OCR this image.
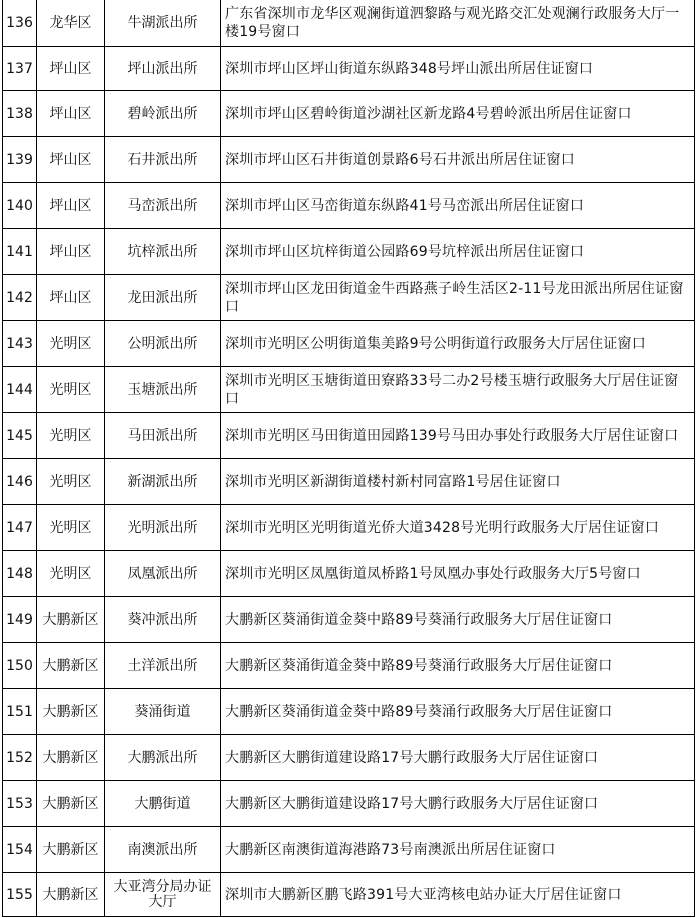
136	龙华区	牛湖派出所	广东省深圳市龙华区观澜街道泗黎路与观光路交汇处观澜行政服务大厅一楼19号窗口
137	坪山区	坪山派出所	深圳市坪山区坪山街道东纵路348号坪山派出所居住证窗口
138	坪山区	碧岭派出所	深圳市坪山区碧岭街道沙湖社区新龙路4号碧岭派出所居住证窗口
139	坪山区	石井派出所	深圳市坪山区石井街道创景路6号石井派出所居住证窗口
140	坪山区	马峦派出所	深圳市坪山区马峦街道东纵路41号马峦派出所居住证窗口
141	坪山区	坑梓派出所	深圳市坪山区坑梓街道公园路69号坑梓派出所居住证窗口
142	坪山区	龙田派出所	深圳市坪山区龙田街道金牛西路燕子岭生活区2-11号龙田派出所居住证窗口
143	光明区	公明派出所	深圳市光明区公明街道集美路9号公明街道行政服务大厅居住证窗口
144	光明区	玉塘派出所	深圳市光明区玉塘街道田寮路33号二办2号楼玉塘行政服务大厅居住证窗口
145	光明区	马田派出所	深圳市光明区马田街道田园路139号马田办事处行政服务大厅居住证窗口
146	光明区	新湖派出所	深圳市光明区新湖街道楼村新村同富路1号居住证窗口
147	光明区	光明派出所	深圳市光明区光明街道光侨大道3428号光明行政服务大厅居住证窗口
148	光明区	凤凰派出所	深圳市光明区凤凰街道凤桥路1号凤凰办事处行政服务大厅5号窗口
149	大鹏新区	葵冲派出所	大鹏新区葵涌街道金葵中路89号葵涌行政服务大厅居住证窗口
150	大鹏新区	土洋派出所	大鹏新区葵涌街道金葵中路89号葵涌行政服务大厅居住证窗口
151	大鹏新区	葵涌街道	大鹏新区葵涌街道金葵中路89号葵涌行政服务大厅居住证窗口
152	大鹏新区	大鹏派出所	大鹏新区大鹏街道建设路17号大鹏行政服务大厅居住证窗口
153	大鹏新区	大鹏街道	大鹏新区大鹏街道建设路17号大鹏行政服务大厅居住证窗口
154	大鹏新区	南澳派出所	大鹏新区南澳街道海港路73号南澳派出所居住证窗口
155	大鹏新区	大亚湾分局办证大厅	深圳市大鹏新区鹏飞路391号大亚湾核电站办证大厅居住证窗口
